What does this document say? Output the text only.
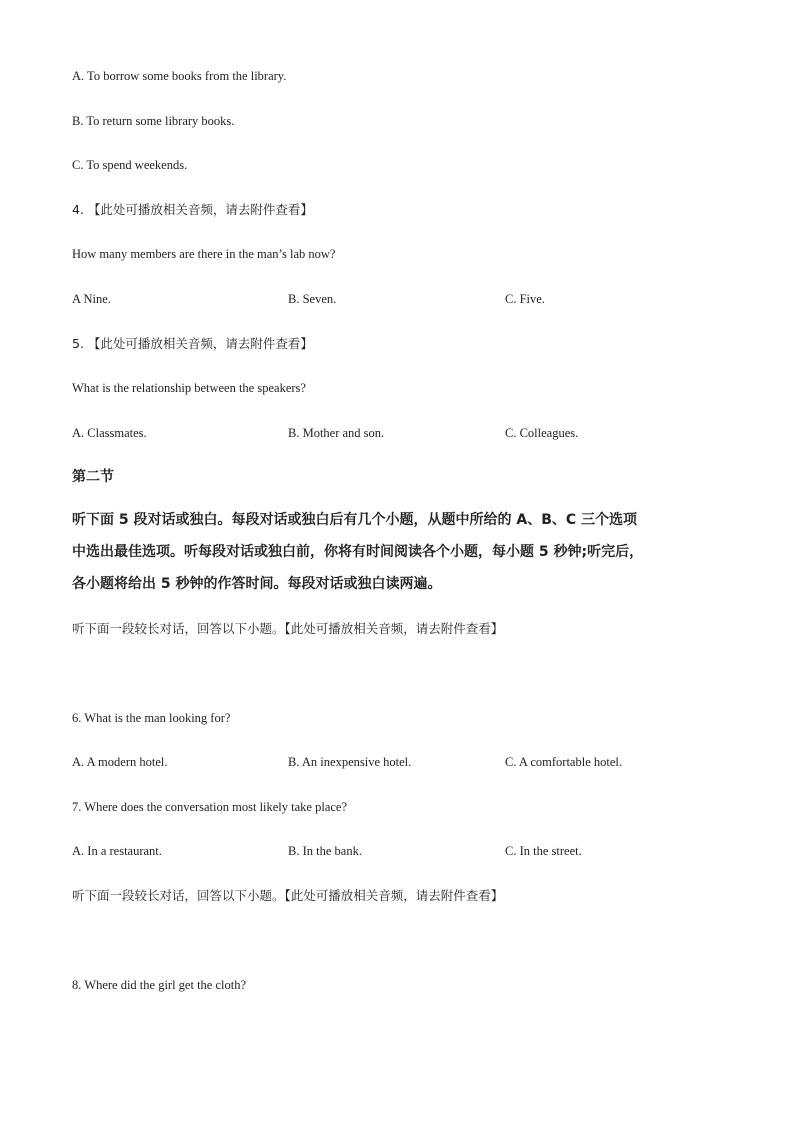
A. To borrow some books from the library.
B. To return some library books.
C. To spend weekends.
4. 【此处可播放相关音频，请去附件查看】
How many members are there in the man’s lab now?
A Nine.	B. Seven.	C. Five.
5. 【此处可播放相关音频，请去附件查看】
What is the relationship between the speakers?
A. Classmates.	B. Mother and son.	C. Colleagues.
第二节
听下面 5 段对话或独白。每段对话或独白后有几个小题，从题中所给的 A、B、C 三个选项
中选出最佳选项。听每段对话或独白前，你将有时间阅读各个小题，每小题 5 秒钟;听完后，
各小题将给出 5 秒钟的作答时间。每段对话或独白读两遍。
听下面一段较长对话，回答以下小题。【此处可播放相关音频，请去附件查看】
6. What is the man looking for?
A. A modern hotel.	B. An inexpensive hotel.	C. A comfortable hotel.
7. Where does the conversation most likely take place?
A. In a restaurant.	B. In the bank.	C. In the street.
听下面一段较长对话，回答以下小题。【此处可播放相关音频，请去附件查看】
8. Where did the girl get the cloth?
